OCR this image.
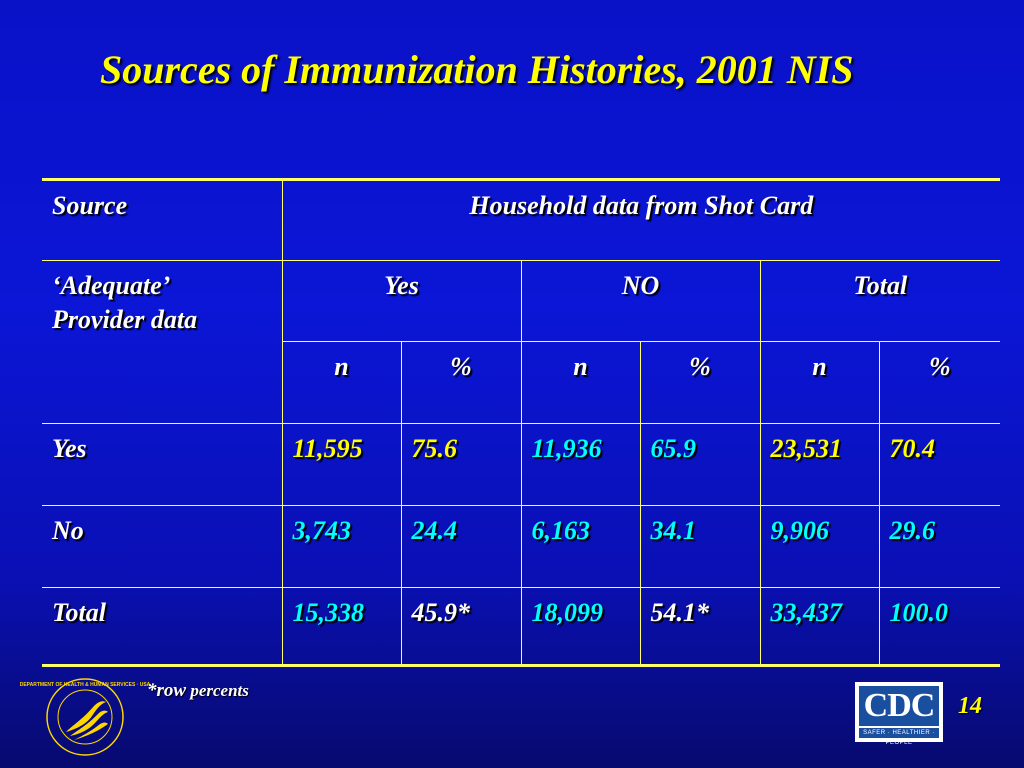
Sources of Immunization Histories, 2001 NIS
Source	Household data from Shot Card					
‘Adequate’
Provider data	Yes		NO		Total	
	n	%	n	%	n	%
Yes	11,595	75.6	11,936	65.9	23,531	70.4
No	3,743	24.4	6,163	34.1	9,906	29.6
Total	15,338	45.9*	18,099	54.1*	33,437	100.0
DEPARTMENT OF HEALTH & HUMAN SERVICES · USA
*row percents	CDC
SAFER · HEALTHIER · PEOPLE
14
